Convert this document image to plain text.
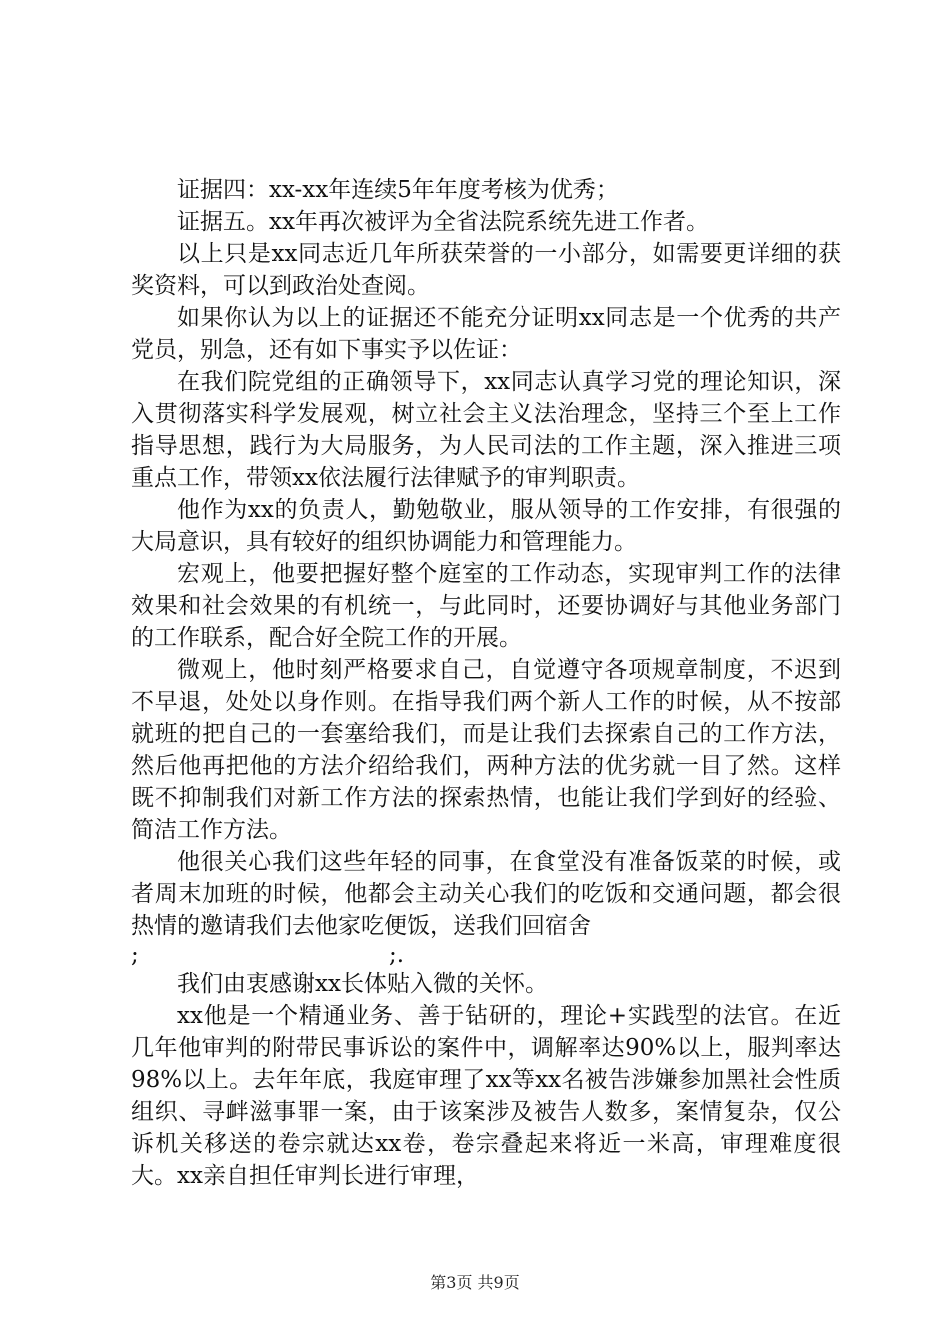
证据四：xx-xx年连续5年年度考核为优秀；

证据五。xx年再次被评为全省法院系统先进工作者。

以上只是xx同志近几年所获荣誉的一小部分，如需要更详细的获奖资料，可以到政治处查阅。

如果你认为以上的证据还不能充分证明xx同志是一个优秀的共产党员，别急，还有如下事实予以佐证：

在我们院党组的正确领导下，xx同志认真学习党的理论知识，深入贯彻落实科学发展观，树立社会主义法治理念，坚持三个至上工作指导思想，践行为大局服务，为人民司法的工作主题，深入推进三项重点工作，带领xx依法履行法律赋予的审判职责。

他作为xx的负责人，勤勉敬业，服从领导的工作安排，有很强的大局意识，具有较好的组织协调能力和管理能力。

宏观上，他要把握好整个庭室的工作动态，实现审判工作的法律效果和社会效果的有机统一，与此同时，还要协调好与其他业务部门的工作联系，配合好全院工作的开展。

微观上，他时刻严格要求自己，自觉遵守各项规章制度，不迟到不早退，处处以身作则。在指导我们两个新人工作的时候，从不按部就班的把自己的一套塞给我们，而是让我们去探索自己的工作方法，然后他再把他的方法介绍给我们，两种方法的优劣就一目了然。这样既不抑制我们对新工作方法的探索热情，也能让我们学到好的经验、简洁工作方法。

他很关心我们这些年轻的同事，在食堂没有准备饭菜的时候，或者周末加班的时候，他都会主动关心我们的吃饭和交通问题，都会很热情的邀请我们去他家吃便饭，送我们回宿舍

;	;.

我们由衷感谢xx长体贴入微的关怀。

xx他是一个精通业务、善于钻研的，理论+实践型的法官。在近几年他审判的附带民事诉讼的案件中，调解率达90%以上，服判率达98%以上。去年年底，我庭审理了xx等xx名被告涉嫌参加黑社会性质组织、寻衅滋事罪一案，由于该案涉及被告人数多，案情复杂，仅公诉机关移送的卷宗就达xx卷，卷宗叠起来将近一米高，审理难度很大。xx亲自担任审判长进行审理，

第3页 共9页
